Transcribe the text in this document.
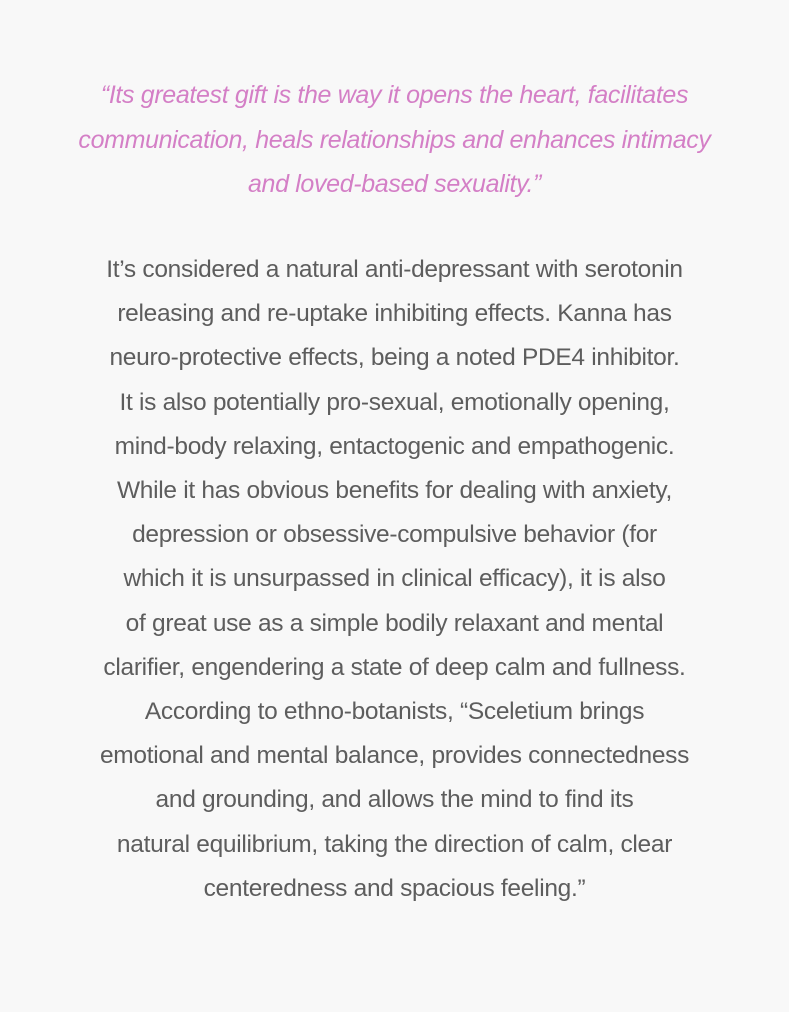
“Its greatest gift is the way it opens the heart, facilitates
communication, heals relationships and enhances intimacy
and loved-based sexuality.”

It’s considered a natural anti-depressant with serotonin
releasing and re-uptake inhibiting effects. Kanna has
neuro-protective effects, being a noted PDE4 inhibitor.
It is also potentially pro-sexual, emotionally opening,
mind-body relaxing, entactogenic and empathogenic.
While it has obvious benefits for dealing with anxiety,
depression or obsessive-compulsive behavior (for
which it is unsurpassed in clinical efficacy), it is also
of great use as a simple bodily relaxant and mental
clarifier, engendering a state of deep calm and fullness.
According to ethno-botanists, “Sceletium brings
emotional and mental balance, provides connectedness
and grounding, and allows the mind to find its
natural equilibrium, taking the direction of calm, clear
centeredness and spacious feeling.”
